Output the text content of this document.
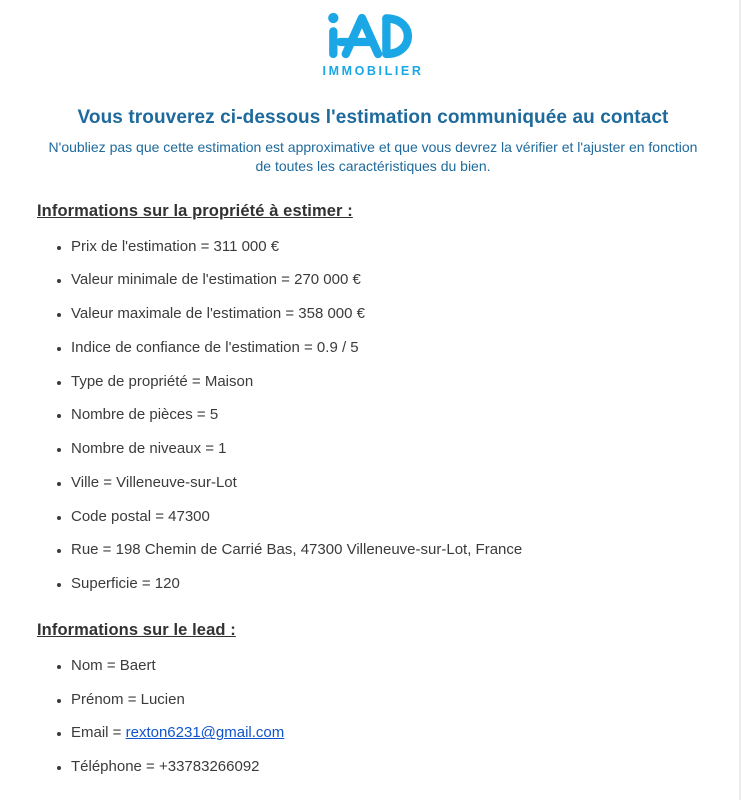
IMMOBILIER
Vous trouverez ci-dessous l'estimation communiquée au contact

N'oubliez pas que cette estimation est approximative et que vous devrez la vérifier et l'ajuster en fonction de toutes les caractéristiques du bien.

Informations sur la propriété à estimer :
• Prix de l'estimation = 311 000 €
• Valeur minimale de l'estimation = 270 000 €
• Valeur maximale de l'estimation = 358 000 €
• Indice de confiance de l'estimation = 0.9 / 5
• Type de propriété = Maison
• Nombre de pièces = 5
• Nombre de niveaux = 1
• Ville = Villeneuve-sur-Lot
• Code postal = 47300
• Rue = 198 Chemin de Carrié Bas, 47300 Villeneuve-sur-Lot, France
• Superficie = 120
Informations sur le lead :
• Nom = Baert
• Prénom = Lucien
• Email = rexton6231@gmail.com
• Téléphone = +33783266092
